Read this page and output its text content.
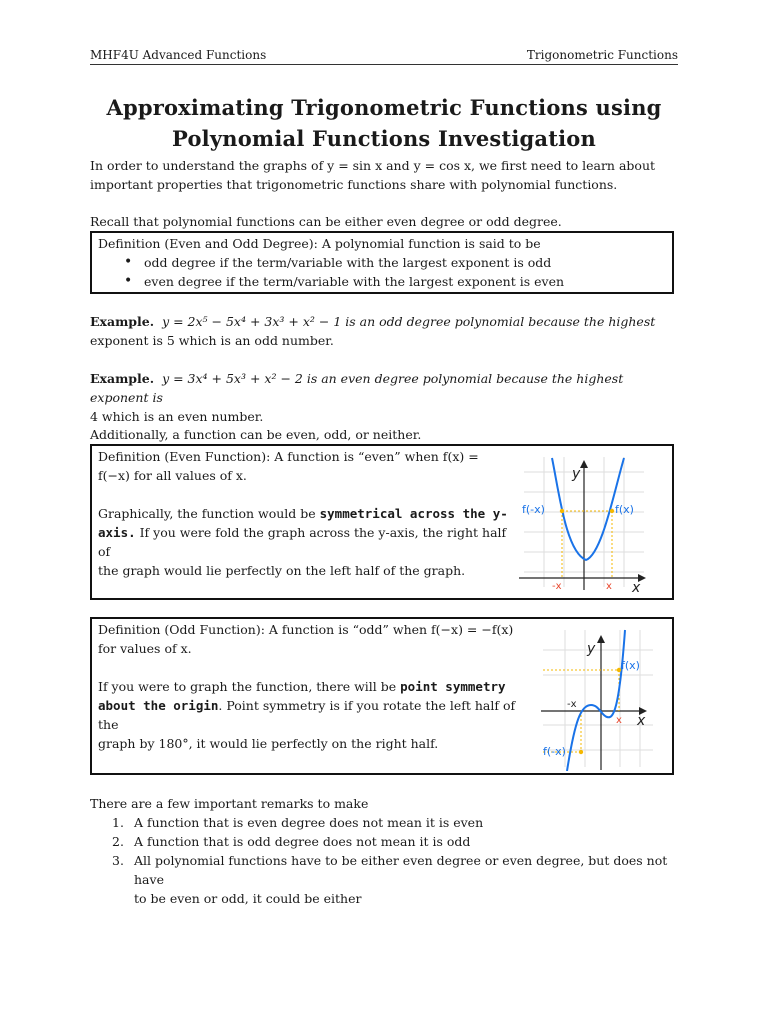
MHF4U Advanced Functions	Trigonometric Functions
Approximating Trigonometric Functions using
Polynomial Functions Investigation
In order to understand the graphs of y = sin x and y = cos x, we first need to learn about
important properties that trigonometric functions share with polynomial functions.
Recall that polynomial functions can be either even degree or odd degree.
Definition (Even and Odd Degree): A polynomial function is said to be
• odd degree if the term/variable with the largest exponent is odd
• even degree if the term/variable with the largest exponent is even
Example. y = 2x⁵ − 5x⁴ + 3x³ + x² − 1 is an odd degree polynomial because the highest
exponent is 5 which is an odd number.
Example. y = 3x⁴ + 5x³ + x² − 2 is an even degree polynomial because the highest exponent is
4 which is an even number.
Additionally, a function can be even, odd, or neither.
Definition (Even Function): A function is “even” when f(x) =
f(−x) for all values of x.
Graphically, the function would be symmetrical across the y-
axis. If you were fold the graph across the y-axis, the right half of
the graph would lie perfectly on the left half of the graph.
y
x
f(-x)	f(x)
-x	x
Definition (Odd Function): A function is “odd” when f(−x) = −f(x)
for values of x.
If you were to graph the function, there will be point symmetry
about the origin. Point symmetry is if you rotate the left half of the
graph by 180°, it would lie perfectly on the right half.
y
x
f(x)
f(-x)
-x
x
There are a few important remarks to make
1. A function that is even degree does not mean it is even
2. A function that is odd degree does not mean it is odd
3. All polynomial functions have to be either even degree or even degree, but does not have
to be even or odd, it could be either
